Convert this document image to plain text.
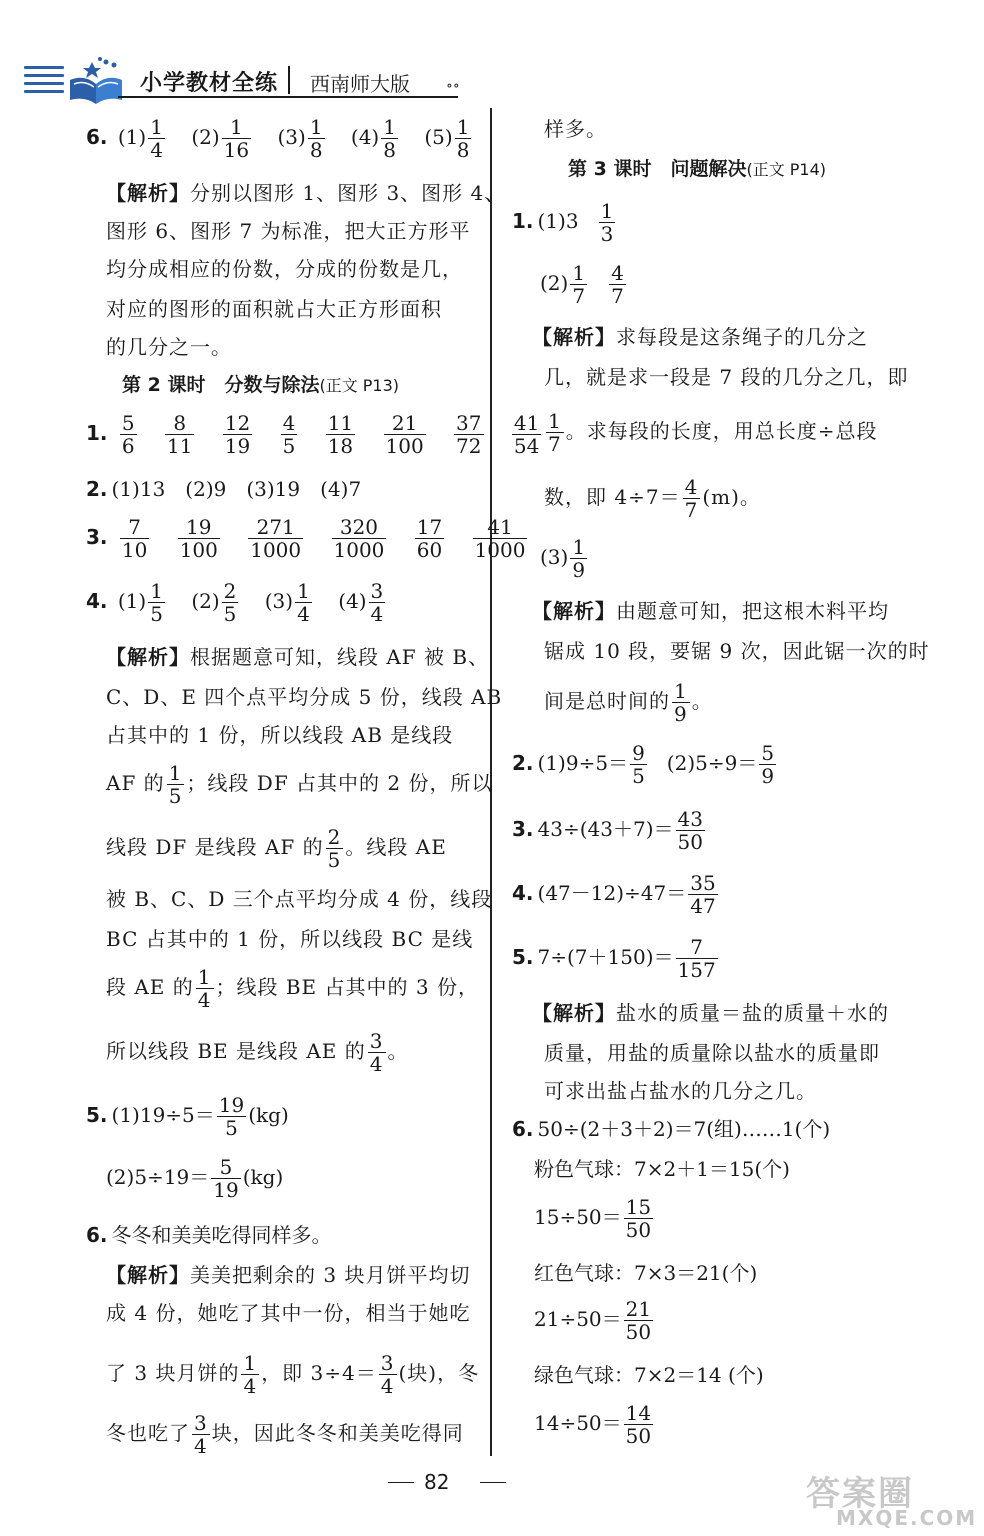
小学教材全练 西南师大版	∘∘
6. $(1) \frac{1}{4} (2) \frac{1}{16} (3) \frac{1}{8} (4) \frac{1}{8} (5) \frac{1}{8}$
【解析】分别以图形 1、图形 3、图形 4、
图形 6、图形 7 为标准，把大正方形平
均分成相应的份数，分成的份数是几，
对应的图形的面积就占大正方形面积
的几分之一。
第 2 课时　分数与除法(正文 P13)
1. $\frac{5}{6}$
$\frac{8}{11}$
$\frac{12}{19}$
$\frac{4}{5}$
$\frac{11}{18}$
$\frac{21}{100}$
$\frac{37}{72}$
$\frac{41}{54}$
2. (1)13　(2)9　(3)19　(4)7
3. $\frac{7}{10}$
$\frac{19}{100}$
$\frac{271}{1000}$
$\frac{320}{1000}$
$\frac{17}{60}$
$\frac{41}{1000}$
4. $(1) \frac{1}{5} (2) \frac{2}{5} (3) \frac{1}{4} (4) \frac{3}{4}$
【解析】根据题意可知，线段 AF 被 B、
C、D、E 四个点平均分成 5 份，线段 AB
占其中的 1 份，所以线段 AB 是线段
AF 的 $\frac{1}{5}$ ；线段 DF 占其中的 2 份，所以
线段 DF 是线段 AF 的 $\frac{2}{5}$ 。线段 AE
被 B、C、D 三个点平均分成 4 份，线段
BC 占其中的 1 份，所以线段 BC 是线
段 AE 的 $\frac{1}{4}$ ；线段 BE 占其中的 3 份，
所以线段 BE 是线段 AE 的 $\frac{3}{4}$ 。
5. $(1)19\div 5= \frac{19}{5} (kg)$
$(2)5\div 19= \frac{5}{19} (kg)$
6. 冬冬和美美吃得同样多。
【解析】美美把剩余的 3 块月饼平均切
成 4 份，她吃了其中一份，相当于她吃
了 3 块月饼的 $\frac{1}{4}$ ，即 $3\div 4= \frac{3}{4}$ (块)，冬
冬也吃了 $\frac{3}{4}$ 块，因此冬冬和美美吃得同
样多。
第 3 课时　问题解决(正文 P14)
1. $(1)3 \frac{1}{3}$
$(2) \frac{1}{7} \frac{4}{7}$
【解析】求每段是这条绳子的几分之
几，就是求一段是 7 段的几分之几，即
$\frac{1}{7}$ 。求每段的长度，用总长度÷总段
数，即 $4\div 7= \frac{4}{7} (m)$。
$(3) \frac{1}{9}$
【解析】由题意可知，把这根木料平均
锯成 10 段，要锯 9 次，因此锯一次的时
间是总时间的 $\frac{1}{9}$ 。
2. $(1)9\div 5= \frac{9}{5} (2)5\div 9= \frac{5}{9}$
3. $43\div(43+7)= \frac{43}{50}$
4. $(47-12)\div 47= \frac{35}{47}$
5. $7\div(7+150)= \frac{7}{157}$
【解析】盐水的质量＝盐的质量＋水的
质量，用盐的质量除以盐水的质量即
可求出盐占盐水的几分之几。
6. 50÷(2＋3＋2)＝7(组)……1(个)
粉色气球：7×2＋1＝15(个)
$15\div 50= \frac{15}{50}$
红色气球：7×3＝21(个)
$21\div 50= \frac{21}{50}$
绿色气球：7×2＝14 (个)
$14\div 50= \frac{14}{50}$
82	答案圈
MXQE.COM
